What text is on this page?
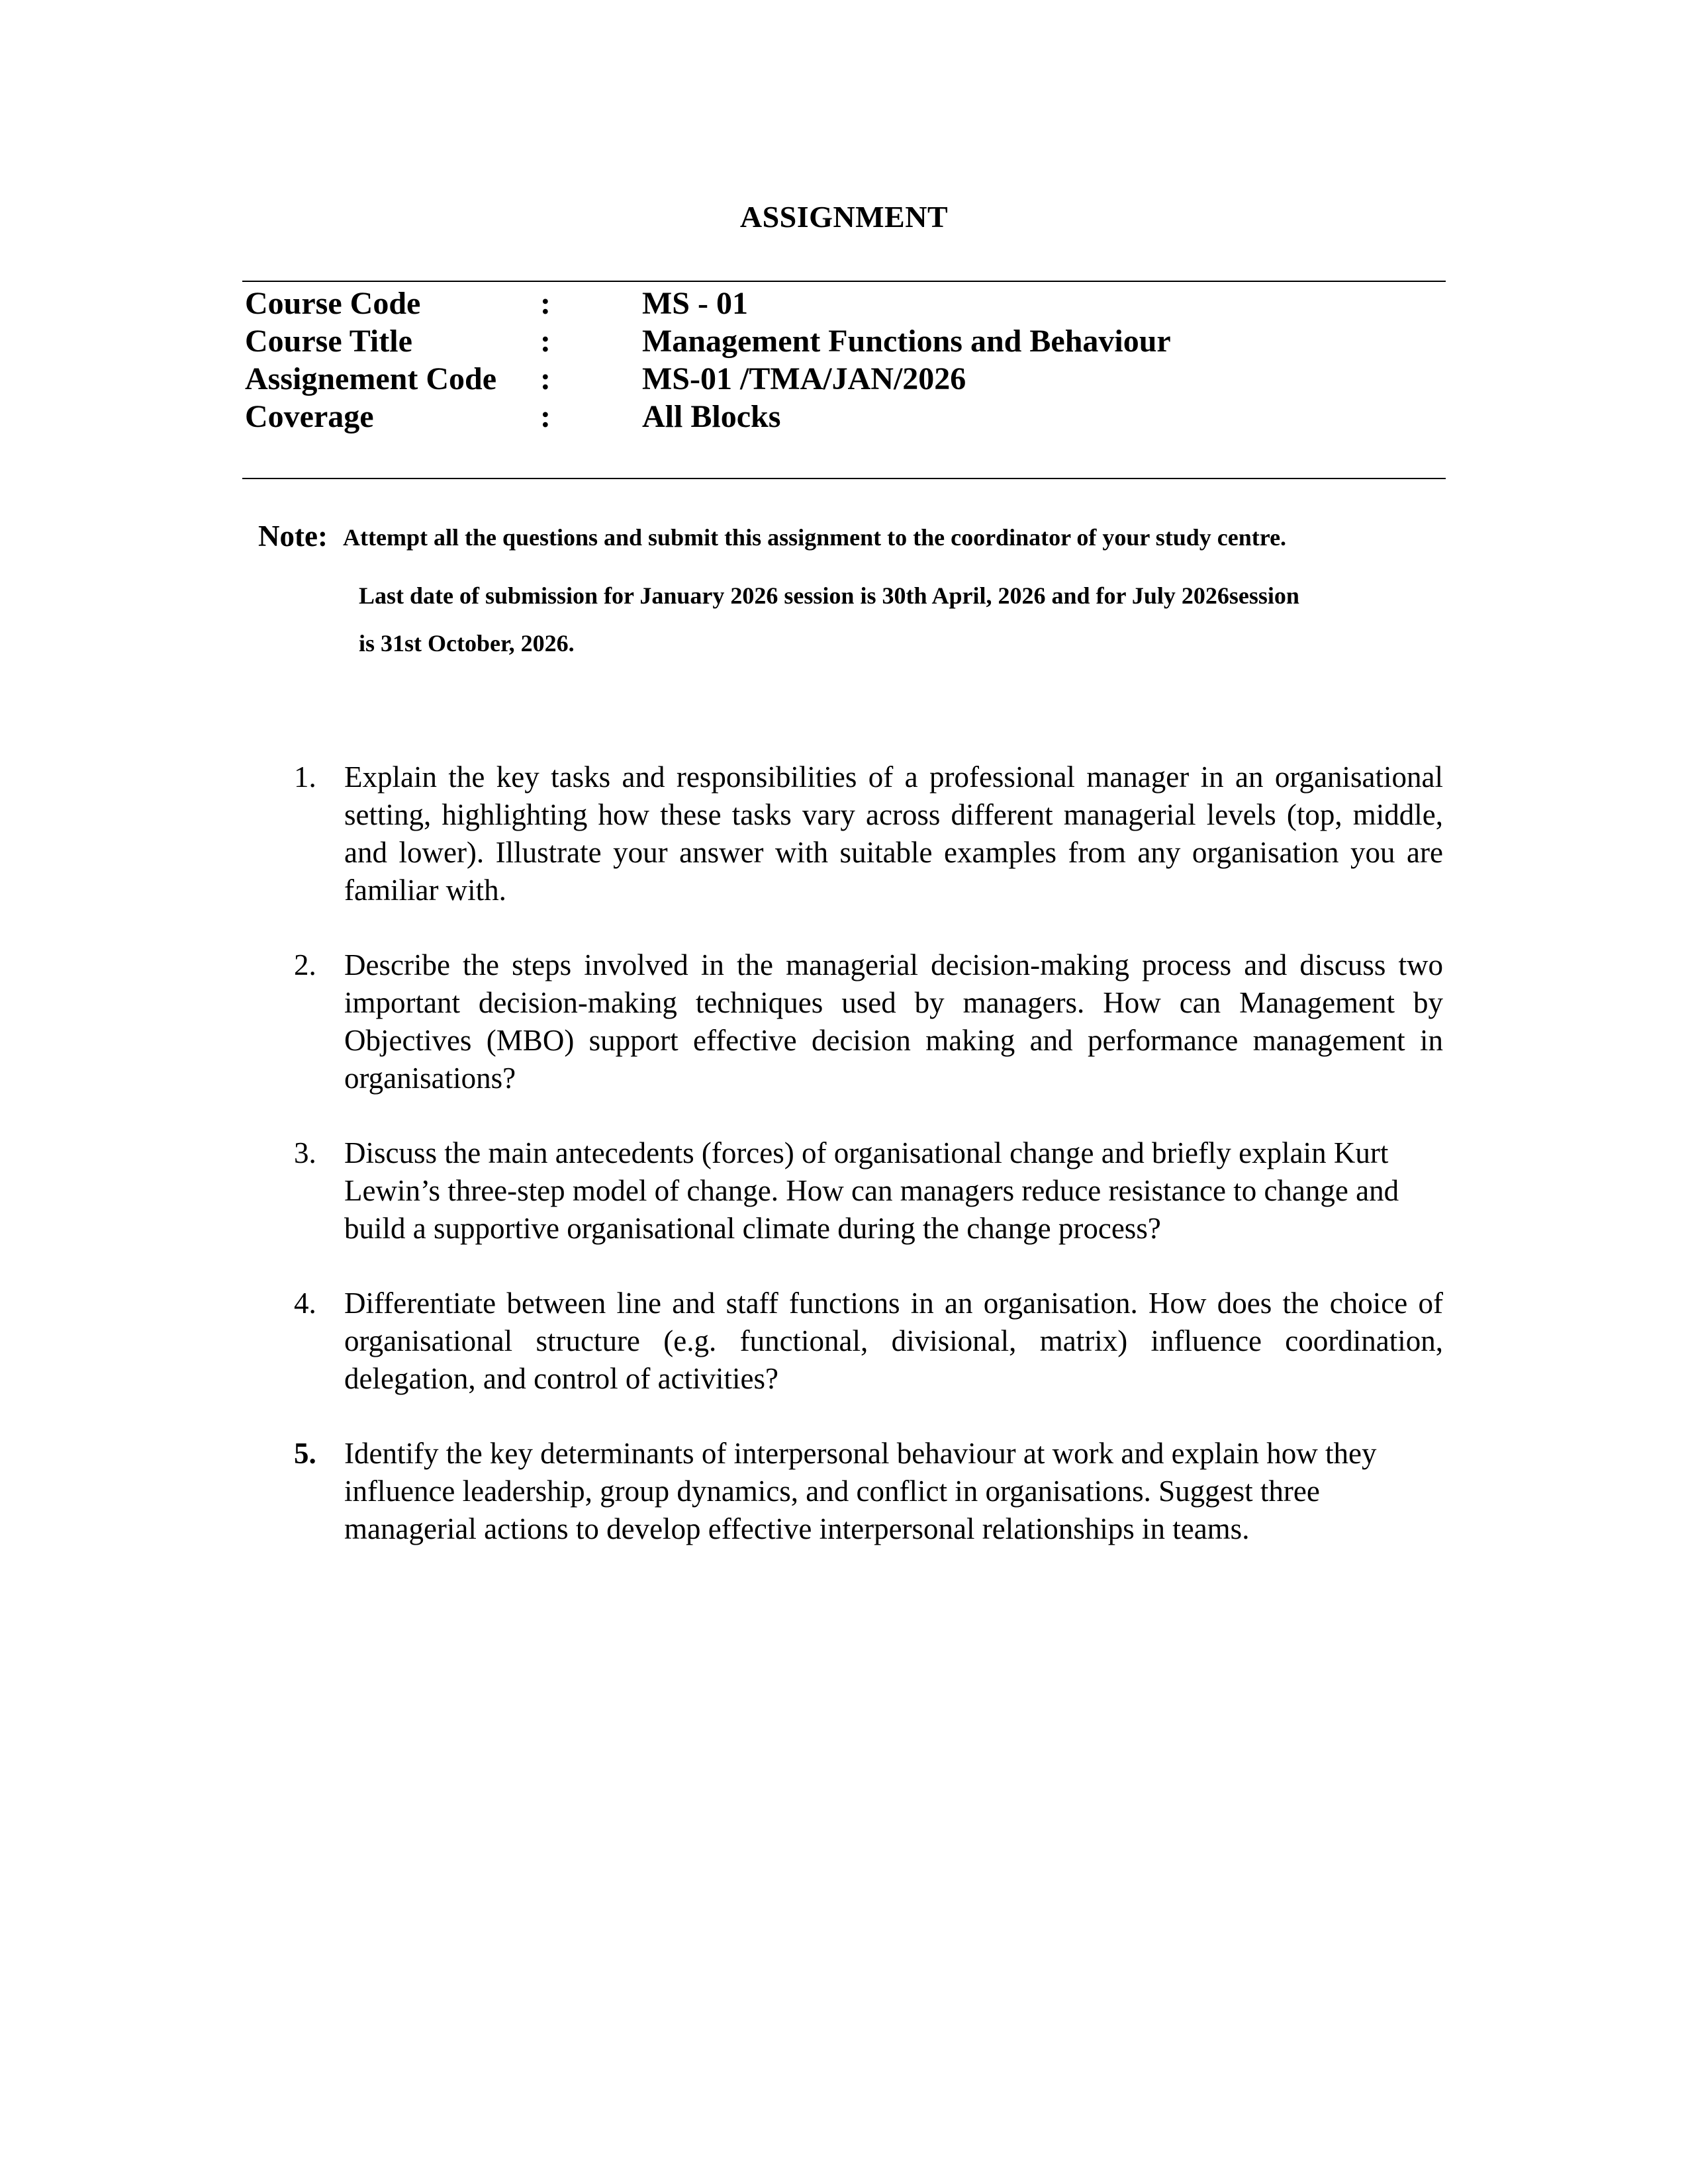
ASSIGNMENT
Course Code	:	MS - 01
Course Title	:	Management Functions and Behaviour
Assignement Code :	MS-01 /TMA/JAN/2026
Coverage	:	All Blocks
Note: Attempt all the questions and submit this assignment to the coordinator of your study centre.
Last date of submission for January 2026 session is 30th April, 2026 and for July 2026session
is 31st October, 2026.
1. Explain the key tasks and responsibilities of a professional manager in an organisational setting, highlighting how these tasks vary across different managerial levels (top, middle, and lower). Illustrate your answer with suitable examples from any organisation you are familiar with.
2. Describe the steps involved in the managerial decision-making process and discuss two important decision-making techniques used by managers. How can Management by Objectives (MBO) support effective decision making and performance management in organisations?
3. Discuss the main antecedents (forces) of organisational change and briefly explain Kurt Lewin’s three-step model of change. How can managers reduce resistance to change and build a supportive organisational climate during the change process?
4. Differentiate between line and staff functions in an organisation. How does the choice of organisational structure (e.g. functional, divisional, matrix) influence coordination, delegation, and control of activities?
5. Identify the key determinants of interpersonal behaviour at work and explain how they influence leadership, group dynamics, and conflict in organisations. Suggest three managerial actions to develop effective interpersonal relationships in teams.
